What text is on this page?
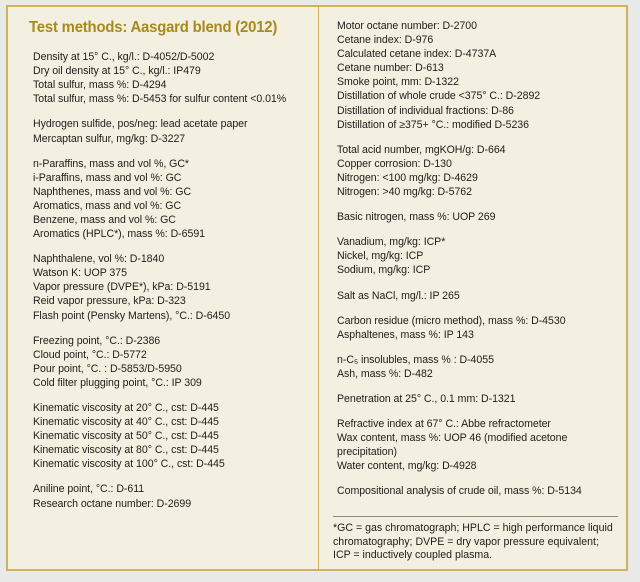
Test methods: Aasgard blend (2012)
Density at 15° C., kg/l.: D-4052/D-5002
Dry oil density at 15° C., kg/l.: IP479
Total sulfur, mass %: D-4294
Total sulfur, mass %: D-5453 for sulfur content <0.01%
Hydrogen sulfide, pos/neg: lead acetate paper
Mercaptan sulfur, mg/kg: D-3227
n-Paraffins, mass and vol %, GC*
i-Paraffins, mass and vol %: GC
Naphthenes, mass and vol %: GC
Aromatics, mass and vol %: GC
Benzene, mass and vol %: GC
Aromatics (HPLC*), mass %: D-6591
Naphthalene, vol %: D-1840
Watson K: UOP 375
Vapor pressure (DVPE*), kPa: D-5191
Reid vapor pressure, kPa: D-323
Flash point (Pensky Martens), °C.: D-6450
Freezing point, °C.: D-2386
Cloud point, °C.: D-5772
Pour point, °C. : D-5853/D-5950
Cold filter plugging point, °C.: IP 309
Kinematic viscosity at 20° C., cst: D-445
Kinematic viscosity at 40° C., cst: D-445
Kinematic viscosity at 50° C., cst: D-445
Kinematic viscosity at 80° C., cst: D-445
Kinematic viscosity at 100° C., cst: D-445
Aniline point, °C.: D-611
Research octane number: D-2699
Motor octane number: D-2700
Cetane index: D-976
Calculated cetane index: D-4737A
Cetane number: D-613
Smoke point, mm: D-1322
Distillation of whole crude <375° C.: D-2892
Distillation of individual fractions: D-86
Distillation of ≥375+ °C.: modified D-5236
Total acid number, mgKOH/g: D-664
Copper corrosion: D-130
Nitrogen: <100 mg/kg: D-4629
Nitrogen: >40 mg/kg: D-5762
Basic nitrogen, mass %: UOP 269
Vanadium, mg/kg: ICP*
Nickel, mg/kg: ICP
Sodium, mg/kg: ICP
Salt as NaCl, mg/l.: IP 265
Carbon residue (micro method), mass %: D-4530
Asphaltenes, mass %: IP 143
n-C₅ insolubles, mass % : D-4055
Ash, mass %: D-482
Penetration at 25° C., 0.1 mm: D-1321
Refractive index at 67° C.: Abbe refractometer
Wax content, mass %: UOP 46 (modified acetone precipitation)
Water content, mg/kg: D-4928
Compositional analysis of crude oil, mass %: D-5134

*GC = gas chromatograph; HPLC = high performance liquid chromatography; DVPE = dry vapor pressure equivalent; ICP = inductively coupled plasma.
